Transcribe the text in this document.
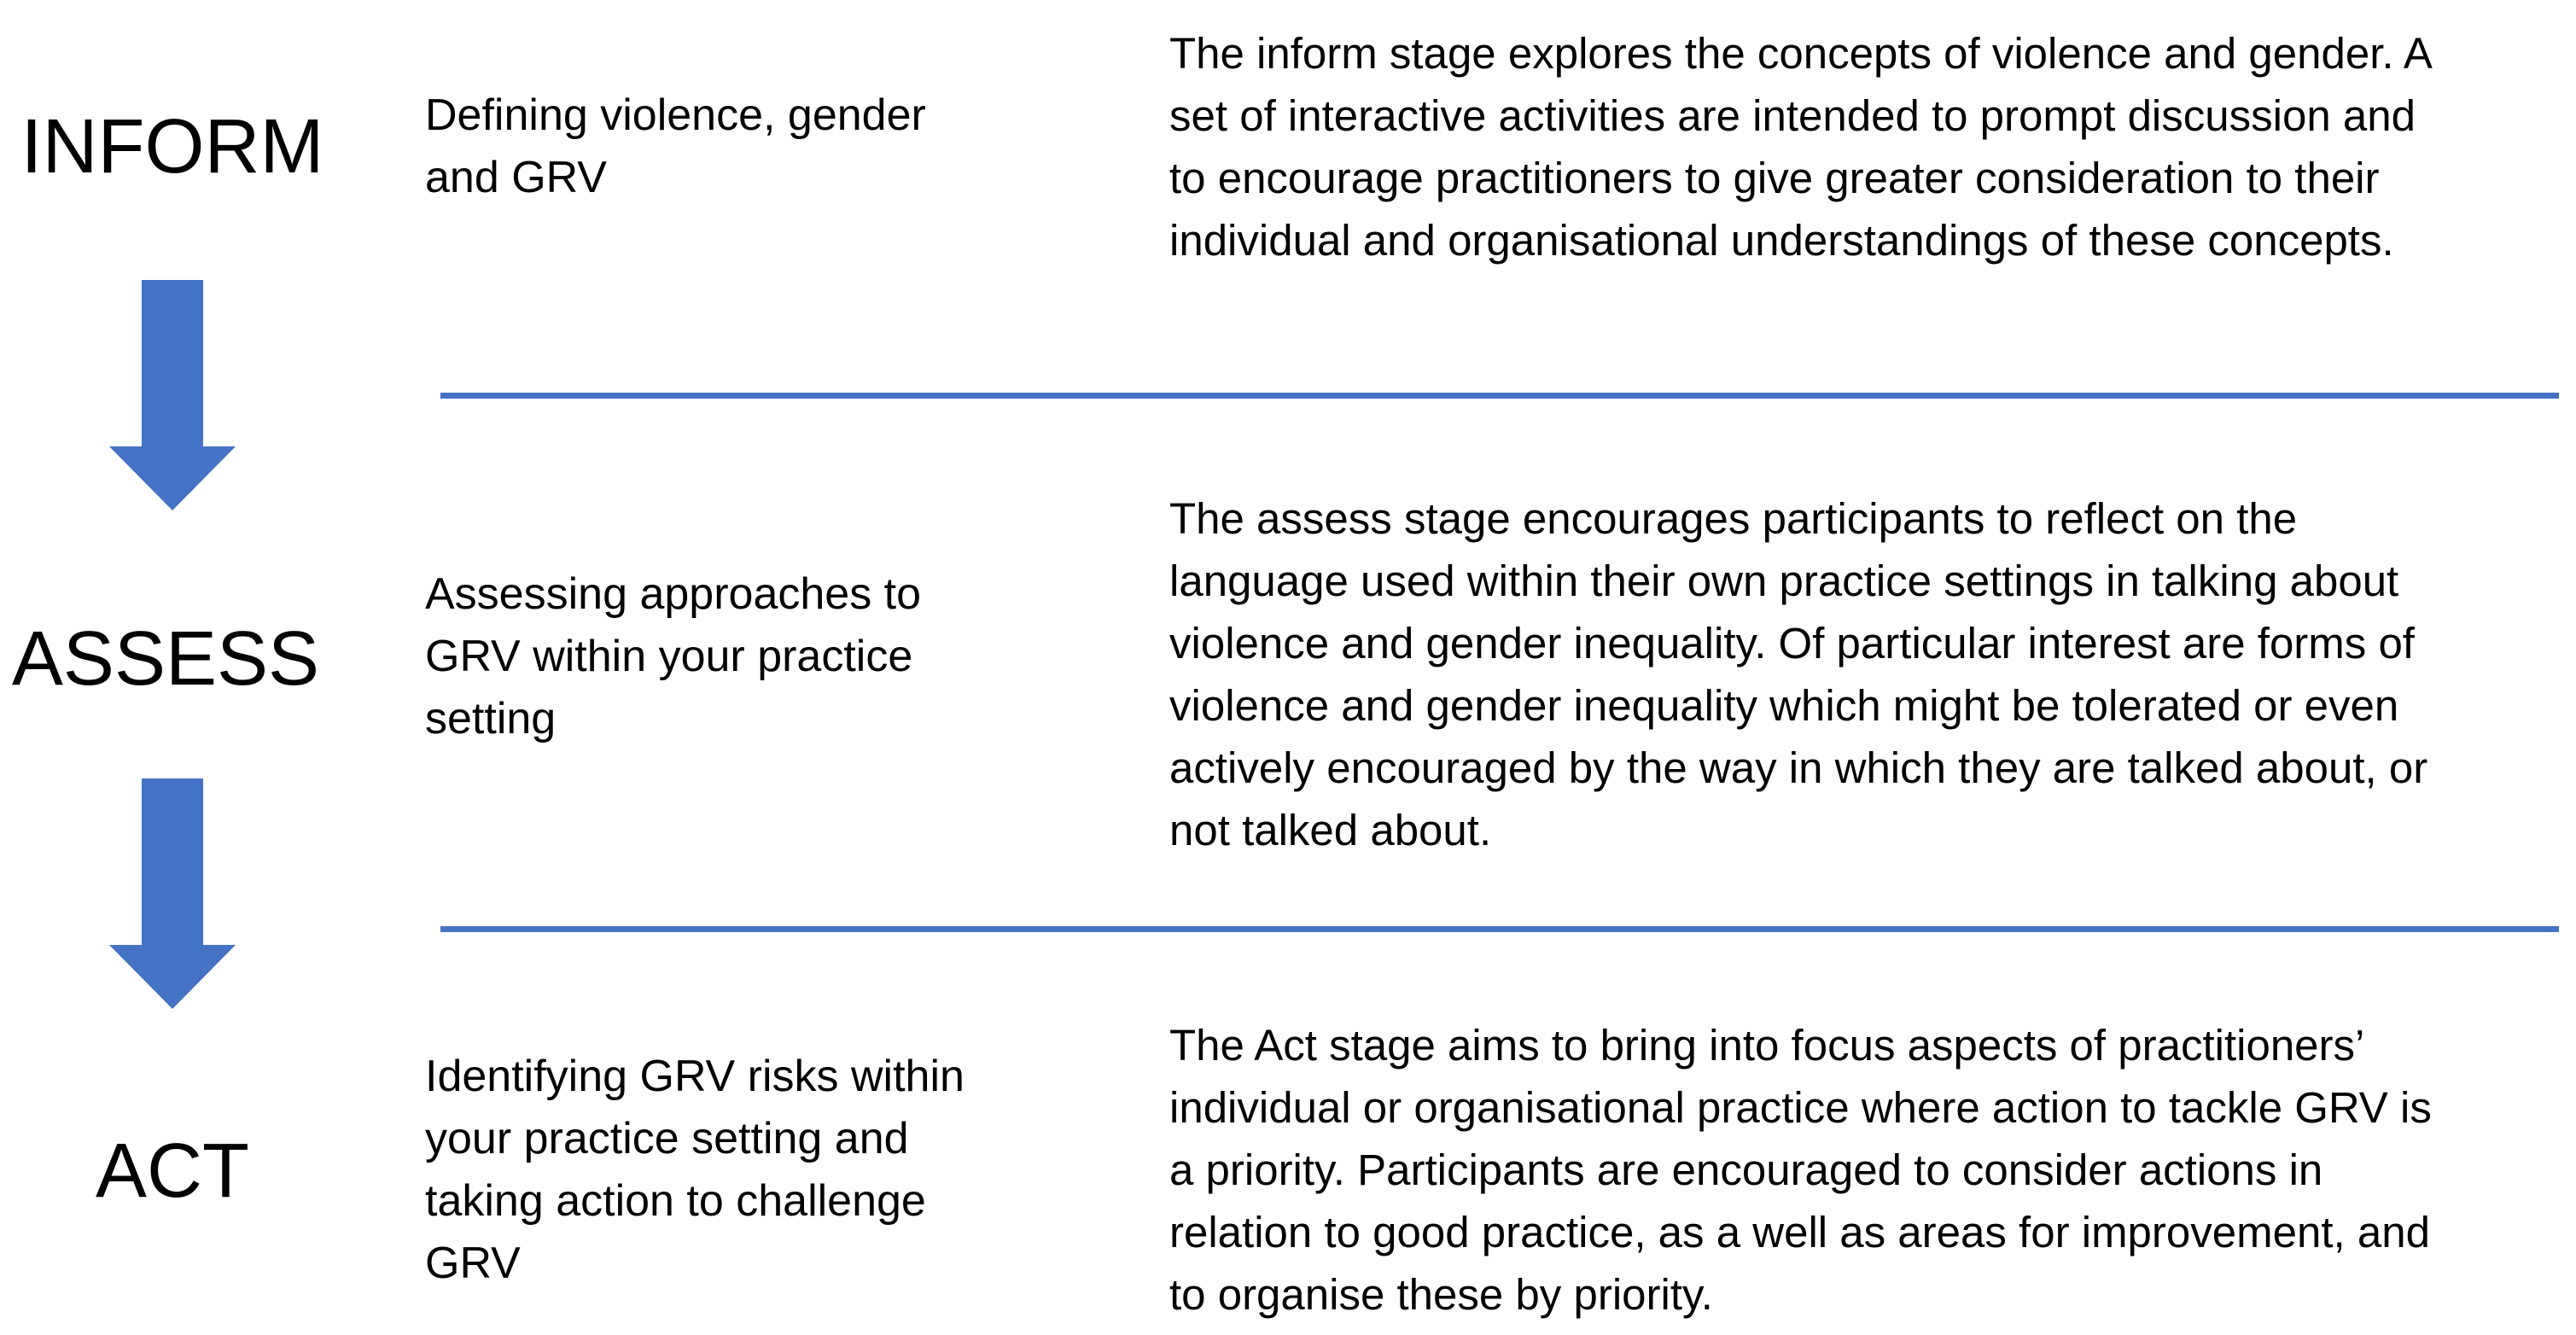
INFORM
ASSESS
ACT
Defining violence, gender
and GRV
Assessing approaches to
GRV within your practice
setting
Identifying GRV risks within
your practice setting and
taking action to challenge
GRV
The inform stage explores the concepts of violence and gender. A
set of interactive activities are intended to prompt discussion and
to encourage practitioners to give greater consideration to their
individual and organisational understandings of these concepts.
The assess stage encourages participants to reflect on the
language used within their own practice settings in talking about
violence and gender inequality. Of particular interest are forms of
violence and gender inequality which might be tolerated or even
actively encouraged by the way in which they are talked about, or
not talked about.
The Act stage aims to bring into focus aspects of practitioners’
individual or organisational practice where action to tackle GRV is
a priority. Participants are encouraged to consider actions in
relation to good practice, as a well as areas for improvement, and
to organise these by priority.
